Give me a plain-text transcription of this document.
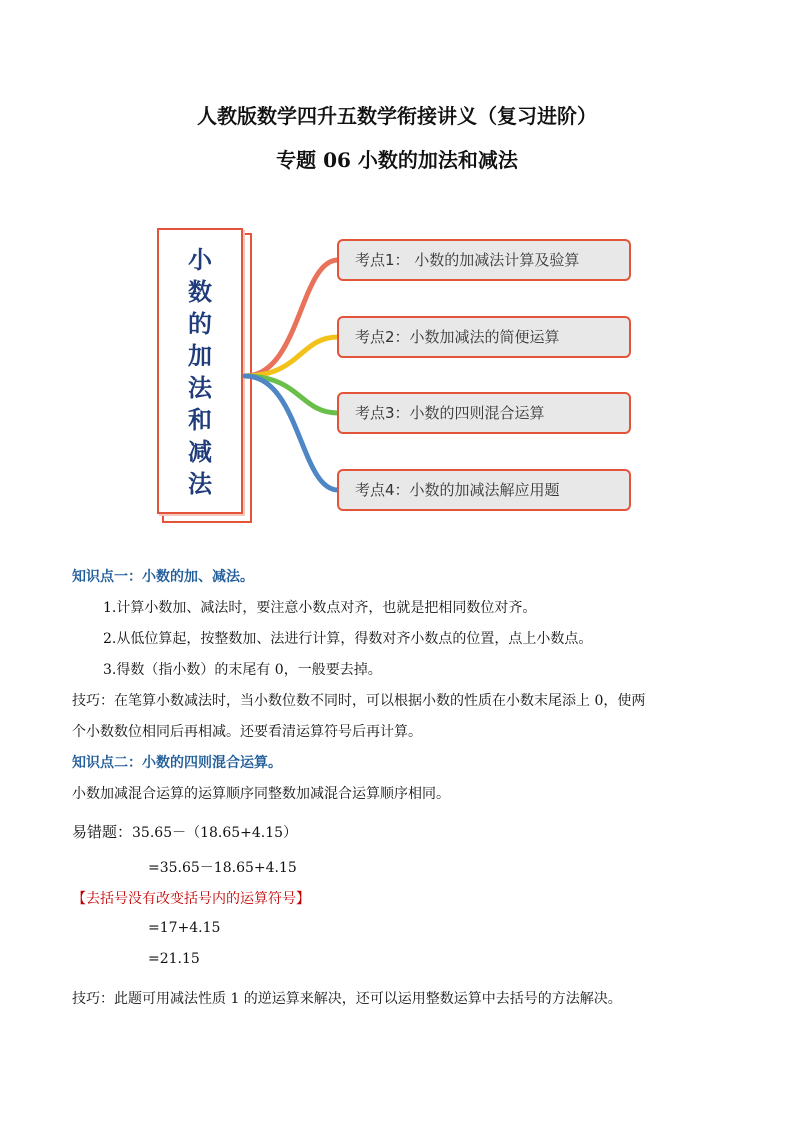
人教版数学四升五数学衔接讲义（复习进阶）
专题 06 小数的加法和减法
小
数
的
加
法
和
减
法
考点1： 小数的加减法计算及验算
考点2：小数加减法的简便运算
考点3：小数的四则混合运算
考点4：小数的加减法解应用题
知识点一：小数的加、减法。
1.计算小数加、减法时，要注意小数点对齐，也就是把相同数位对齐。
2.从低位算起，按整数加、法进行计算，得数对齐小数点的位置，点上小数点。
3.得数（指小数）的末尾有 0，一般要去掉。
技巧：在笔算小数减法时，当小数位数不同时，可以根据小数的性质在小数末尾添上 0，使两
个小数数位相同后再相减。还要看清运算符号后再计算。
知识点二：小数的四则混合运算。
小数加减混合运算的运算顺序同整数加减混合运算顺序相同。
易错题：35.65－（18.65+4.15）
=35.65－18.65+4.15
【去括号没有改变括号内的运算符号】
=17+4.15
=21.15
技巧：此题可用减法性质 1 的逆运算来解决，还可以运用整数运算中去括号的方法解决。
